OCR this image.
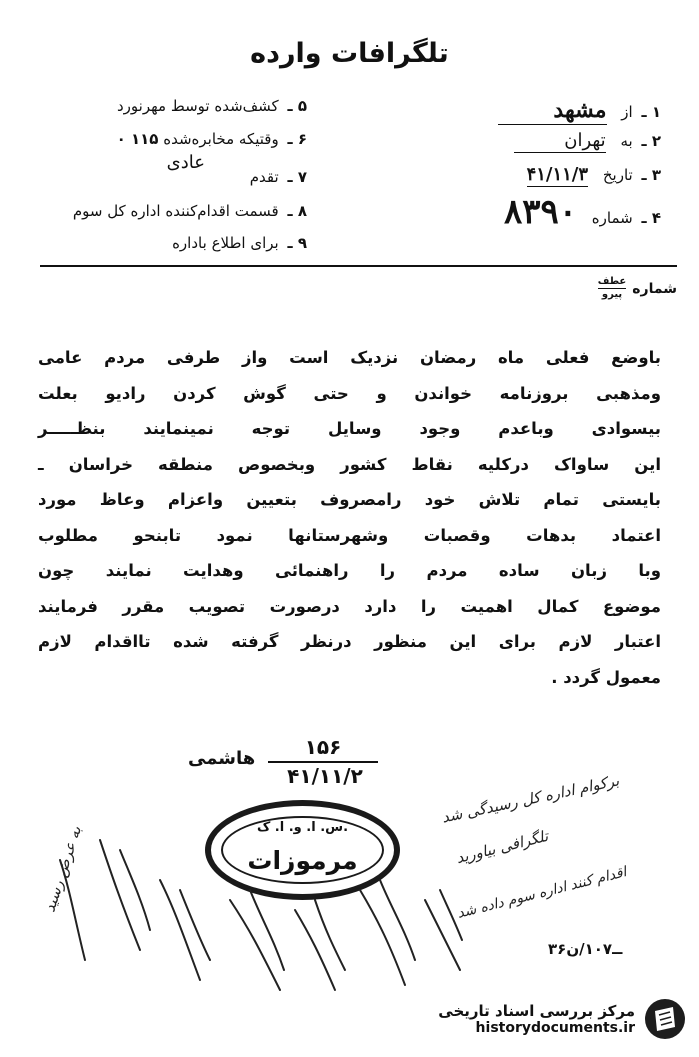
تلگرافات وارده
۱ ـ از مشهد
۲ ـ به تهران
۳ ـ تاریخ ۴۱/۱۱/۳
۴ ـ شماره ۸۳۹۰
۵ ـ کشف‌شده توسط مهرنورد
۶ ـ وقتیکه مخابره‌شده ۱۱۵ ۰
۷ ـ تقدم عادی
۸ ـ قسمت اقدام‌کننده اداره کل سوم
۹ ـ برای اطلاع باداره
شماره
عطف
پیرو
باوضع فعلی ماه رمضان نزدیک است واز طرفی مردم عامی
ومذهبی بروزنامه خواندن و حتی گوش کردن رادیو بعلت
بیسوادی وباعدم وجود وسایل توجه نمینمایند بنظـــــر
این ساواک درکلیه نقاط کشور وبخصوص منطقه خراسان ـ
بایستی تمام تلاش خود رامصروف بتعیین واعزام وعاظ مورد
اعتماد بدهات وقصبات وشهرستانها نمود تابنحو مطلوب
وبا زبان ساده مردم را راهنمائی وهدایت نمایند چون
موضوع کمال اهمیت را دارد درصورت تصویب مقرر فرمایند
اعتبار لازم برای این منظور درنظر گرفته شده تااقدام لازم
معمول گردد .
۱۵۶
هاشمی
۴۱/۱۱/۲
س. ا. و. ا. ک.
مرموزات
برکوام اداره کل رسیدگی شد
تلگرافی بیاورید
اقدام کنند اداره سوم داده شد
به عرض رسید
۳۶ــ۱۰۷/ن
مرکز بررسی اسناد تاریخی
historydocuments.ir
